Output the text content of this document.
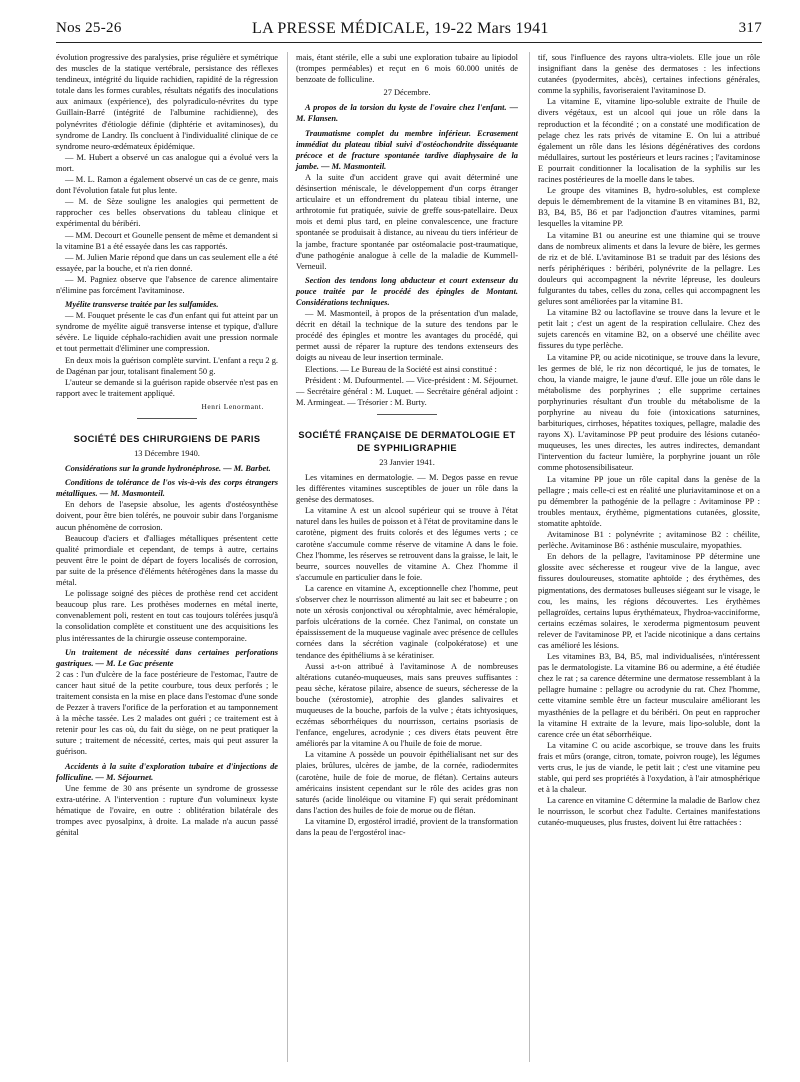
Nos 25-26	LA PRESSE MÉDICALE, 19-22 Mars 1941	317

évolution progressive des paralysies, prise régulière et symétrique des muscles de la statique vertébrale, persistance des réflexes tendineux, intégrité du liquide rachidien, rapidité de la régression totale dans les formes curables, résultats négatifs des inoculations aux animaux (expérience), des polyradiculo-névrites du type Guillain-Barré (intégrité de l'albumine rachidienne), des polynévrites d'étiologie définie (diphtérie et avitaminoses), du syndrome de Landry. Ils concluent à l'individualité clinique de ce syndrome neuro-œdémateux épidémique.

— M. Hubert a observé un cas analogue qui a évolué vers la mort.

— M. L. Ramon a également observé un cas de ce genre, mais dont l'évolution fatale fut plus lente.

— M. de Sèze souligne les analogies qui permettent de rapprocher ces belles observations du tableau clinique et expérimental du béribéri.

— MM. Decourt et Gounelle pensent de même et demandent si la vitamine B1 a été essayée dans les cas rapportés.

— M. Julien Marie répond que dans un cas seulement elle a été essayée, par la bouche, et n'a rien donné.

— M. Pagniez observe que l'absence de carence alimentaire n'élimine pas forcément l'avitaminose.

Myélite transverse traitée par les sulfamides.

— M. Fouquet présente le cas d'un enfant qui fut atteint par un syndrome de myélite aiguë transverse intense et typique, d'allure sévère. Le liquide céphalo-rachidien avait une pression normale et tout permettait d'éliminer une compression.

En deux mois la guérison complète survint. L'enfant a reçu 2 g. de Dagénan par jour, totalisant finalement 50 g.

L'auteur se demande si la guérison rapide observée n'est pas en rapport avec le traitement appliqué.

Henri Lenormant.

SOCIÉTÉ DES CHIRURGIENS DE PARIS

13 Décembre 1940.

Considérations sur la grande hydronéphrose. — M. Barbet.

Conditions de tolérance de l'os vis-à-vis des corps étrangers métalliques. — M. Masmonteil.

En dehors de l'asepsie absolue, les agents d'ostéosynthèse doivent, pour être bien tolérés, ne pouvoir subir dans l'organisme aucun phénomène de corrosion.

Beaucoup d'aciers et d'alliages métalliques présentent cette qualité primordiale et cependant, de temps à autre, certains peuvent être le point de départ de foyers localisés de corrosion, par suite de la présence d'éléments hétérogènes dans la masse du métal.

Le polissage soigné des pièces de prothèse rend cet accident beaucoup plus rare. Les prothèses modernes en métal inerte, convenablement poli, restent en tout cas toujours tolérées jusqu'à la consolidation complète et constituent une des acquisitions les plus intéressantes de la chirurgie osseuse contemporaine.

Un traitement de nécessité dans certaines perforations gastriques. — M. Le Gac présente

2 cas : l'un d'ulcère de la face postérieure de l'estomac, l'autre de cancer haut situé de la petite courbure, tous deux perforés ; le traitement consista en la mise en place dans l'estomac d'une sonde de Pezzer à travers l'orifice de la perforation et au tamponnement à la mèche tassée. Les 2 malades ont guéri ; ce traitement est à retenir pour les cas où, du fait du siège, on ne peut pratiquer la suture ; traitement de nécessité, certes, mais qui peut assurer la guérison.

Accidents à la suite d'exploration tubaire et d'injections de folliculine. — M. Séjournet.

Une femme de 30 ans présente un syndrome de grossesse extra-utérine. A l'intervention : rupture d'un volumineux kyste hématique de l'ovaire, en outre : oblitération bilatérale des trompes avec pyosalpinx, à droite. La malade n'a aucun passé génital

mais, étant stérile, elle a subi une exploration tubaire au lipiodol (trompes perméables) et reçut en 6 mois 60.000 unités de benzoate de folliculine.

27 Décembre.

A propos de la torsion du kyste de l'ovaire chez l'enfant. — M. Flansen.

Traumatisme complet du membre inférieur. Ecrasement immédiat du plateau tibial suivi d'ostéochondrite disséquante précoce et de fracture spontanée tardive diaphysaire de la jambe. — M. Masmonteil.

A la suite d'un accident grave qui avait déterminé une désinsertion méniscale, le développement d'un corps étranger articulaire et un effondrement du plateau tibial interne, une arthrotomie fut pratiquée, suivie de greffe sous-patellaire. Deux mois et demi plus tard, en pleine convalescence, une fracture spontanée se produisait à distance, au niveau du tiers inférieur de la jambe, fracture spontanée par ostéomalacie post-traumatique, d'une pathogénie analogue à celle de la maladie de Kummell-Verneuil.

Section des tendons long abducteur et court extenseur du pouce traitée par le procédé des épingles de Montant. Considérations techniques.

— M. Masmonteil, à propos de la présentation d'un malade, décrit en détail la technique de la suture des tendons par le procédé des épingles et montre les avantages du procédé, qui permet aussi de réparer la rupture des tendons extenseurs des doigts au niveau de leur insertion terminale.

Elections. — Le Bureau de la Société est ainsi constitué :

Président : M. Dufourmentel. — Vice-président : M. Séjournet. — Secrétaire général : M. Luquet. — Secrétaire général adjoint : M. Armingeat. — Trésorier : M. Burty.

SOCIÉTÉ FRANÇAISE DE DERMATOLOGIE ET DE SYPHILIGRAPHIE

23 Janvier 1941.

Les vitamines en dermatologie. — M. Degos passe en revue les différentes vitamines susceptibles de jouer un rôle dans la genèse des dermatoses.

La vitamine A est un alcool supérieur qui se trouve à l'état naturel dans les huiles de poisson et à l'état de provitamine dans le carotène, pigment des fruits colorés et des légumes verts ; ce carotène s'accumule comme réserve de vitamine A dans le foie. Chez l'homme, les réserves se retrouvent dans la graisse, le lait, le beurre, sources nouvelles de vitamine A. Chez l'homme il s'accumule en particulier dans le foie.

La carence en vitamine A, exceptionnelle chez l'homme, peut s'observer chez le nourrisson alimenté au lait sec et babeurre ; on note un xérosis conjonctival ou xérophtalmie, avec héméralopie, parfois ulcérations de la cornée. Chez l'animal, on constate un épaississement de la muqueuse vaginale avec présence de cellules cornées dans la sécrétion vaginale (colpokératose) et une tendance des épithéliums à se kératiniser.

Aussi a-t-on attribué à l'avitaminose A de nombreuses altérations cutanéo-muqueuses, mais sans preuves suffisantes : peau sèche, kératose pilaire, absence de sueurs, sécheresse de la bouche (xérostomie), atrophie des glandes salivaires et muqueuses de la bouche, parfois de la vulve ; états ichtyosiques, eczémas séborrhéiques du nourrisson, certains psoriasis de l'enfance, engelures, acrodynie ; ces divers états peuvent être améliorés par la vitamine A ou l'huile de foie de morue.

La vitamine A possède un pouvoir épithélialisant net sur des plaies, brûlures, ulcères de jambe, de la cornée, radiodermites (carotène, huile de foie de morue, de flétan). Certains auteurs américains insistent cependant sur le rôle des acides gras non saturés (acide linoléique ou vitamine F) qui serait prédominant dans l'action des huiles de foie de morue ou de flétan.

La vitamine D, ergostérol irradié, provient de la transformation dans la peau de l'ergostérol inac-

tif, sous l'influence des rayons ultra-violets. Elle joue un rôle insignifiant dans la genèse des dermatoses : les infections cutanées (pyodermites, abcès), certaines infections générales, comme la syphilis, favoriseraient l'avitaminose D.

La vitamine E, vitamine lipo-soluble extraite de l'huile de divers végétaux, est un alcool qui joue un rôle dans la reproduction et la fécondité ; on a constaté une modification de pelage chez les rats privés de vitamine E. On lui a attribué également un rôle dans les lésions dégénératives des cordons médullaires, surtout les postérieurs et leurs racines ; l'avitaminose E pourrait conditionner la localisation de la syphilis sur les racines postérieures de la moelle dans le tabes.

Le groupe des vitamines B, hydro-solubles, est complexe depuis le démembrement de la vitamine B en vitamines B1, B2, B3, B4, B5, B6 et par l'adjonction d'autres vitamines, parmi lesquelles la vitamine PP.

La vitamine B1 ou aneurine est une thiamine qui se trouve dans de nombreux aliments et dans la levure de bière, les germes de riz et de blé. L'avitaminose B1 se traduit par des lésions des nerfs périphériques : béribéri, polynévrite de la pellagre. Les douleurs qui accompagnent la névrite lépreuse, les douleurs fulgurantes du tabes, celles du zona, celles qui accompagnent les gelures sont améliorées par la vitamine B1.

La vitamine B2 ou lactoflavine se trouve dans la levure et le petit lait ; c'est un agent de la respiration cellulaire. Chez des sujets carencés en vitamine B2, on a observé une chéilite avec fissures du type perlèche.

La vitamine PP, ou acide nicotinique, se trouve dans la levure, les germes de blé, le riz non décortiqué, le jus de tomates, le chou, la viande maigre, le jaune d'œuf. Elle joue un rôle dans le métabolisme des porphyrines ; elle supprime certaines porphyrinuries résultant d'un trouble du métabolisme de la porphyrine au niveau du foie (intoxications saturnines, barbituriques, cirrhoses, hépatites toxiques, pellagre, maladie des rayons X). L'avitaminose PP peut produire des lésions cutanéo-muqueuses, les unes directes, les autres indirectes, demandant l'intervention du facteur lumière, la porphyrine jouant un rôle comme photosensibilisateur.

La vitamine PP joue un rôle capital dans la genèse de la pellagre ; mais celle-ci est en réalité une pluriavitaminose et on a pu démembrer la pathogénie de la pellagre : Avitaminose PP : troubles mentaux, érythème, pigmentations cutanées, glossite, stomatite aphtoïde.

Avitaminose B1 : polynévrite ; avitaminose B2 : chéilite, perlèche. Avitaminose B6 : asthénie musculaire, myopathies.

En dehors de la pellagre, l'avitaminose PP détermine une glossite avec sécheresse et rougeur vive de la langue, avec fissures douloureuses, stomatite aphtoïde ; des érythèmes, des pigmentations, des dermatoses bulleuses siégeant sur le visage, le cou, les mains, les régions découvertes. Les érythèmes pellagroïdes, certains lupus érythémateux, l'hydroa-vacciniforme, certains eczémas solaires, le xeroderma pigmentosum peuvent relever de l'avitaminose PP, et l'acide nicotinique a dans certains cas amélioré les lésions.

Les vitamines B3, B4, B5, mal individualisées, n'intéressent pas le dermatologiste. La vitamine B6 ou adermine, a été étudiée chez le rat ; sa carence détermine une dermatose ressemblant à la pellagre humaine : pellagre ou acrodynie du rat. Chez l'homme, cette vitamine semble être un facteur musculaire améliorant les myasthénies de la pellagre et du béribéri. On peut en rapprocher la vitamine H extraite de la levure, mais lipo-soluble, dont la carence crée un état séborrhéique.

La vitamine C ou acide ascorbique, se trouve dans les fruits frais et mûrs (orange, citron, tomate, poivron rouge), les légumes verts crus, le jus de viande, le petit lait ; c'est une vitamine peu stable, qui perd ses propriétés à l'oxydation, à l'air atmosphérique et à la chaleur.

La carence en vitamine C détermine la maladie de Barlow chez le nourrisson, le scorbut chez l'adulte. Certaines manifestations cutanéo-muqueuses, plus frustes, doivent lui être rattachées :
